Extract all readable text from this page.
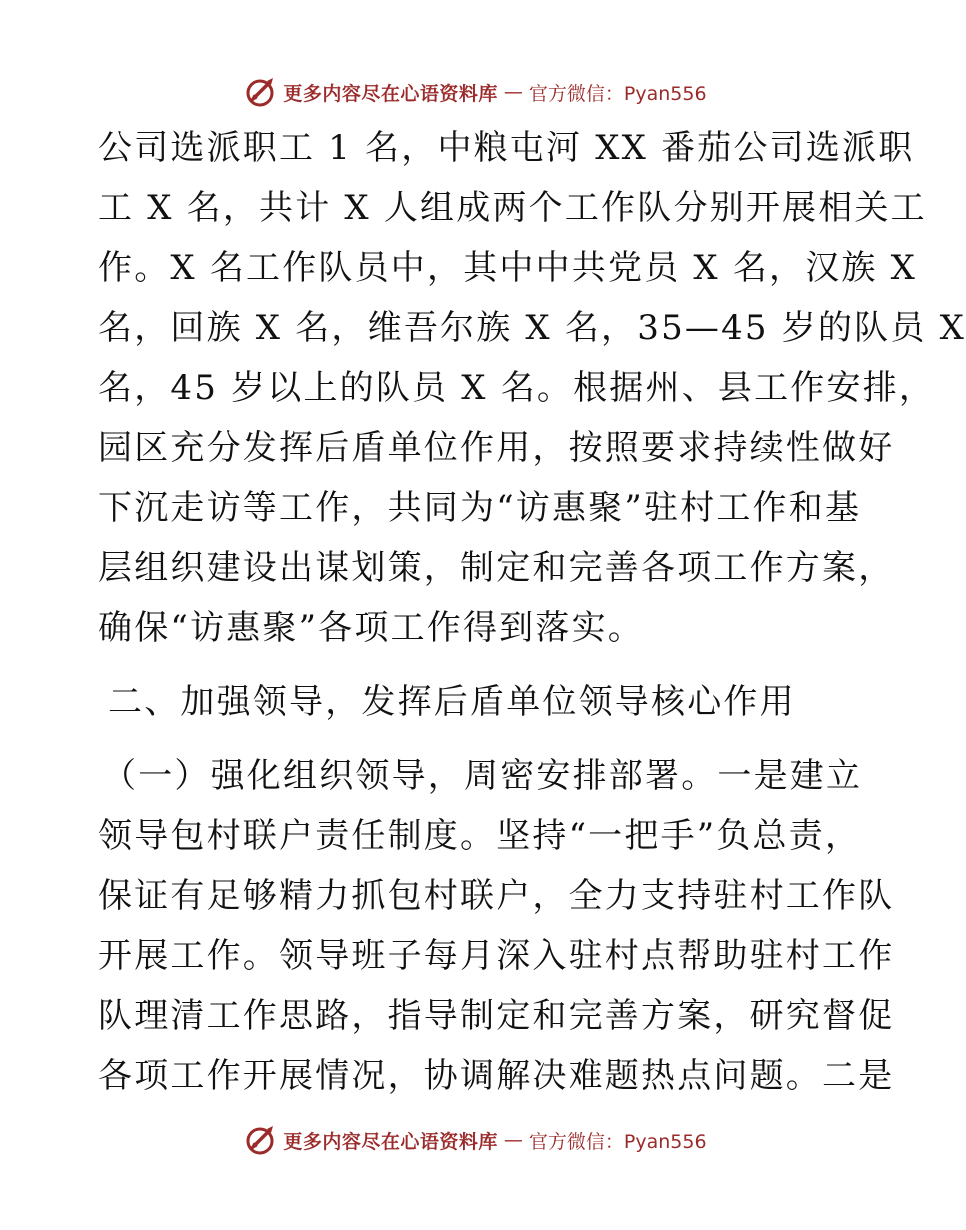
更多内容尽在心语资料库 — 官方微信：Pyan556
公司选派职工 1 名，中粮屯河 XX 番茄公司选派职
工 X 名，共计 X 人组成两个工作队分别开展相关工
作。X 名工作队员中，其中中共党员 X 名，汉族 X
名，回族 X 名，维吾尔族 X 名，35—45 岁的队员 X
名，45 岁以上的队员 X 名。根据州、县工作安排，
园区充分发挥后盾单位作用，按照要求持续性做好
下沉走访等工作，共同为“访惠聚”驻村工作和基
层组织建设出谋划策，制定和完善各项工作方案，
确保“访惠聚”各项工作得到落实。
二、加强领导，发挥后盾单位领导核心作用
（一）强化组织领导，周密安排部署。一是建立
领导包村联户责任制度。坚持“一把手”负总责，
保证有足够精力抓包村联户，全力支持驻村工作队
开展工作。领导班子每月深入驻村点帮助驻村工作
队理清工作思路，指导制定和完善方案，研究督促
各项工作开展情况，协调解决难题热点问题。二是
更多内容尽在心语资料库 — 官方微信：Pyan556
